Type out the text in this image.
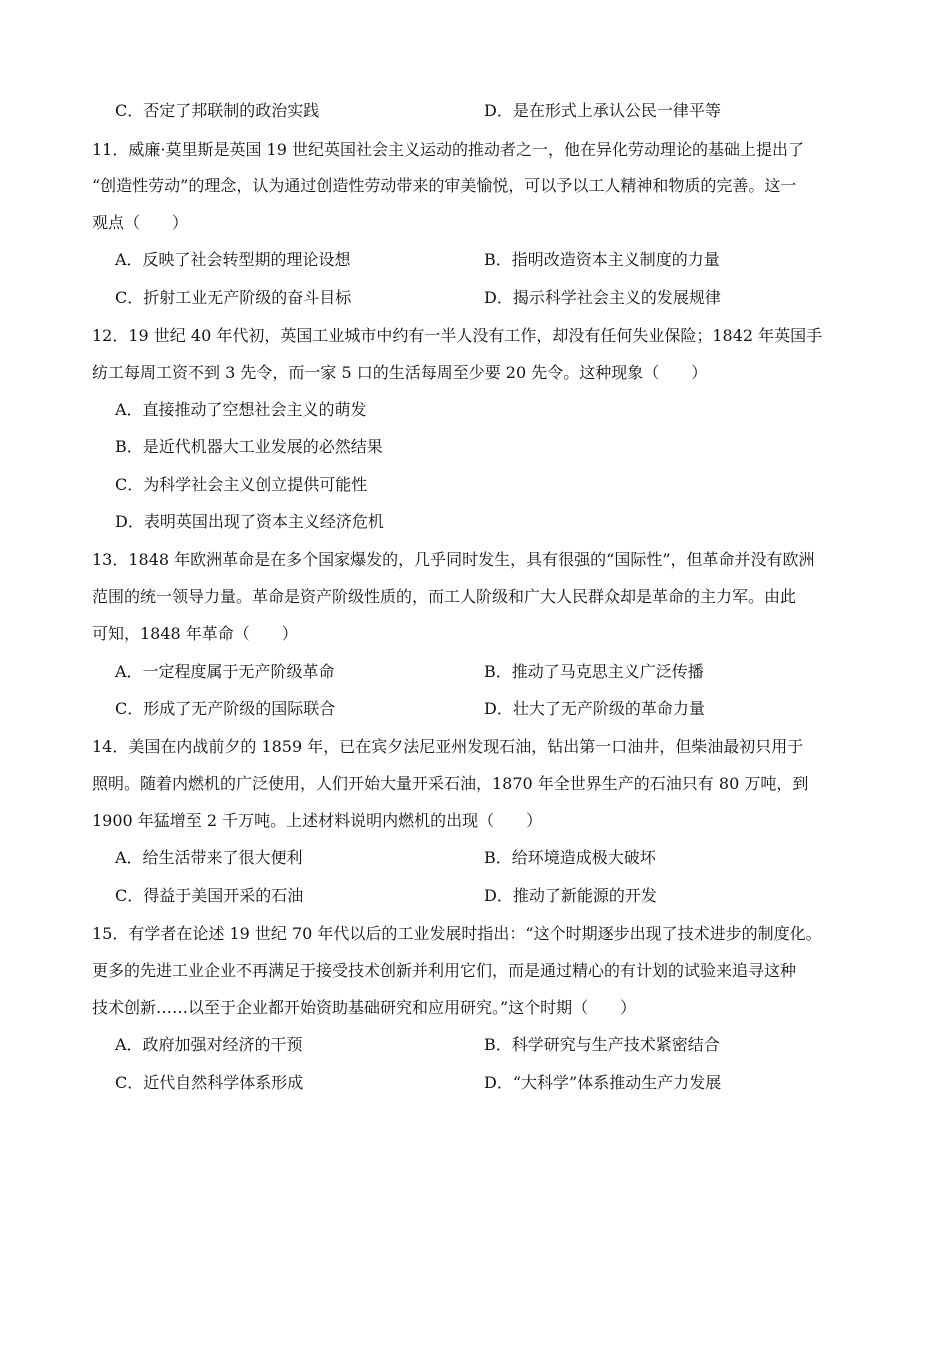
C．否定了邦联制的政治实践	D．是在形式上承认公民一律平等
11．威廉·莫里斯是英国 19 世纪英国社会主义运动的推动者之一，他在异化劳动理论的基础上提出了
“创造性劳动”的理念，认为通过创造性劳动带来的审美愉悦，可以予以工人精神和物质的完善。这一
观点（　　）
A．反映了社会转型期的理论设想	B．指明改造资本主义制度的力量
C．折射工业无产阶级的奋斗目标	D．揭示科学社会主义的发展规律
12．19 世纪 40 年代初，英国工业城市中约有一半人没有工作，却没有任何失业保险；1842 年英国手
纺工每周工资不到 3 先令，而一家 5 口的生活每周至少要 20 先令。这种现象（　　）
A．直接推动了空想社会主义的萌发
B．是近代机器大工业发展的必然结果
C．为科学社会主义创立提供可能性
D．表明英国出现了资本主义经济危机
13．1848 年欧洲革命是在多个国家爆发的，几乎同时发生，具有很强的“国际性”，但革命并没有欧洲
范围的统一领导力量。革命是资产阶级性质的，而工人阶级和广大人民群众却是革命的主力军。由此
可知，1848 年革命（　　）
A．一定程度属于无产阶级革命	B．推动了马克思主义广泛传播
C．形成了无产阶级的国际联合	D．壮大了无产阶级的革命力量
14．美国在内战前夕的 1859 年，已在宾夕法尼亚州发现石油，钻出第一口油井，但柴油最初只用于
照明。随着内燃机的广泛使用，人们开始大量开采石油，1870 年全世界生产的石油只有 80 万吨，到
1900 年猛增至 2 千万吨。上述材料说明内燃机的出现（　　）
A．给生活带来了很大便利	B．给环境造成极大破坏
C．得益于美国开采的石油	D．推动了新能源的开发
15．有学者在论述 19 世纪 70 年代以后的工业发展时指出：“这个时期逐步出现了技术进步的制度化。
更多的先进工业企业不再满足于接受技术创新并利用它们，而是通过精心的有计划的试验来追寻这种
技术创新……以至于企业都开始资助基础研究和应用研究。”这个时期（　　）
A．政府加强对经济的干预	B．科学研究与生产技术紧密结合
C．近代自然科学体系形成	D．“大科学”体系推动生产力发展
